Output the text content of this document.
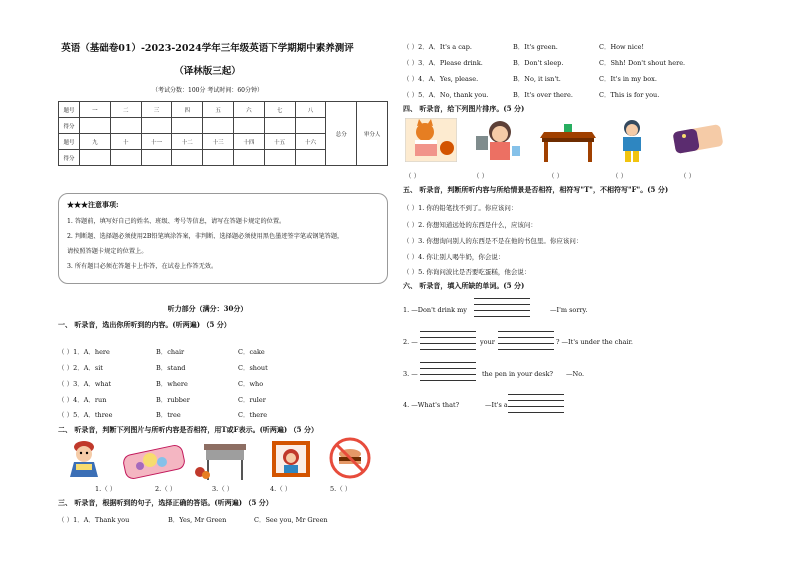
英语（基础卷01）-2023-2024学年三年级英语下学期期中素养测评
（译林版三起）
（考试分数：100分 考试时间：60分钟）
题号	一	二	三	四	五	六	七	八	总分	审分人
得分										
题号	九	十	十一	十二	十三	十四	十五	十六		
得分										
★★★注意事项:
1. 答题前，填写好自己的姓名、班级、考号等信息，请写在答题卡规定的位置。
2. 判断题、选择题必须使用2B铅笔填涂答案，非判断、选择题必须使用黑色墨迹签字笔或钢笔答题，
请按照答题卡规定的位置上。
3. 所有题目必须在答题卡上作答，在试卷上作答无效。
听力部分（满分：30分）
一、 听录音，选出你所听到的内容。(听两遍) （5 分）
（ ）1．A．here	B．chair	C．cake
（ ）2．A．sit	B．stand	C．shout
（ ）3．A．what	B．where	C．who
（ ）4．A．run	B．rubber	C．ruler
（ ）5．A．three	B．tree	C．there
二、 听录音，判断下列图片与所听内容是否相符，用T或F表示。(听两遍) （5 分）
1.（ ）	2.（ ）	3.（ ）	4.（ ）	5.（ ）
三、 听录音，根据听到的句子，选择正确的答语。(听两遍) （5 分）
（ ）1．A．Thank you	B．Yes, Mr Green	C．See you, Mr Green
（ ）2．A．It's a cap.	B．It's green.	C．How nice!
（ ）3．A．Please drink.	B．Don't sleep.	C．Shh! Don't shout here.
（ ）4．A．Yes, please.	B．No, it isn't.	C．It's in my box.
（ ）5．A．No, thank you.	B．It's over there.	C．This is for you.
四、 听录音，给下列图片排序。(5 分)
（ ）	（ ）	（ ）	（ ）	（ ）
五、 听录音，判断所听内容与所给情景是否相符，相符写"T"，不相符写"F"。(5 分)
（ ）1. 你的铅笔找不到了。你应该问：
（ ）2. 你想知道远处的东西是什么，应该问：
（ ）3. 你想询问别人的东西是不是在他的书包里。你应该问：
（ ）4. 你让别人喝牛奶，你会说：
（ ）5. 你询问波比是否要吃蛋糕，他会说：
六、 听录音，填入所缺的单词。(5 分)
1. —Don't drink my	—I'm sorry.
2. —	your	? —It's under the chair.
3. —	the pen in your desk? —No.
4. —What's that?	—It's a
